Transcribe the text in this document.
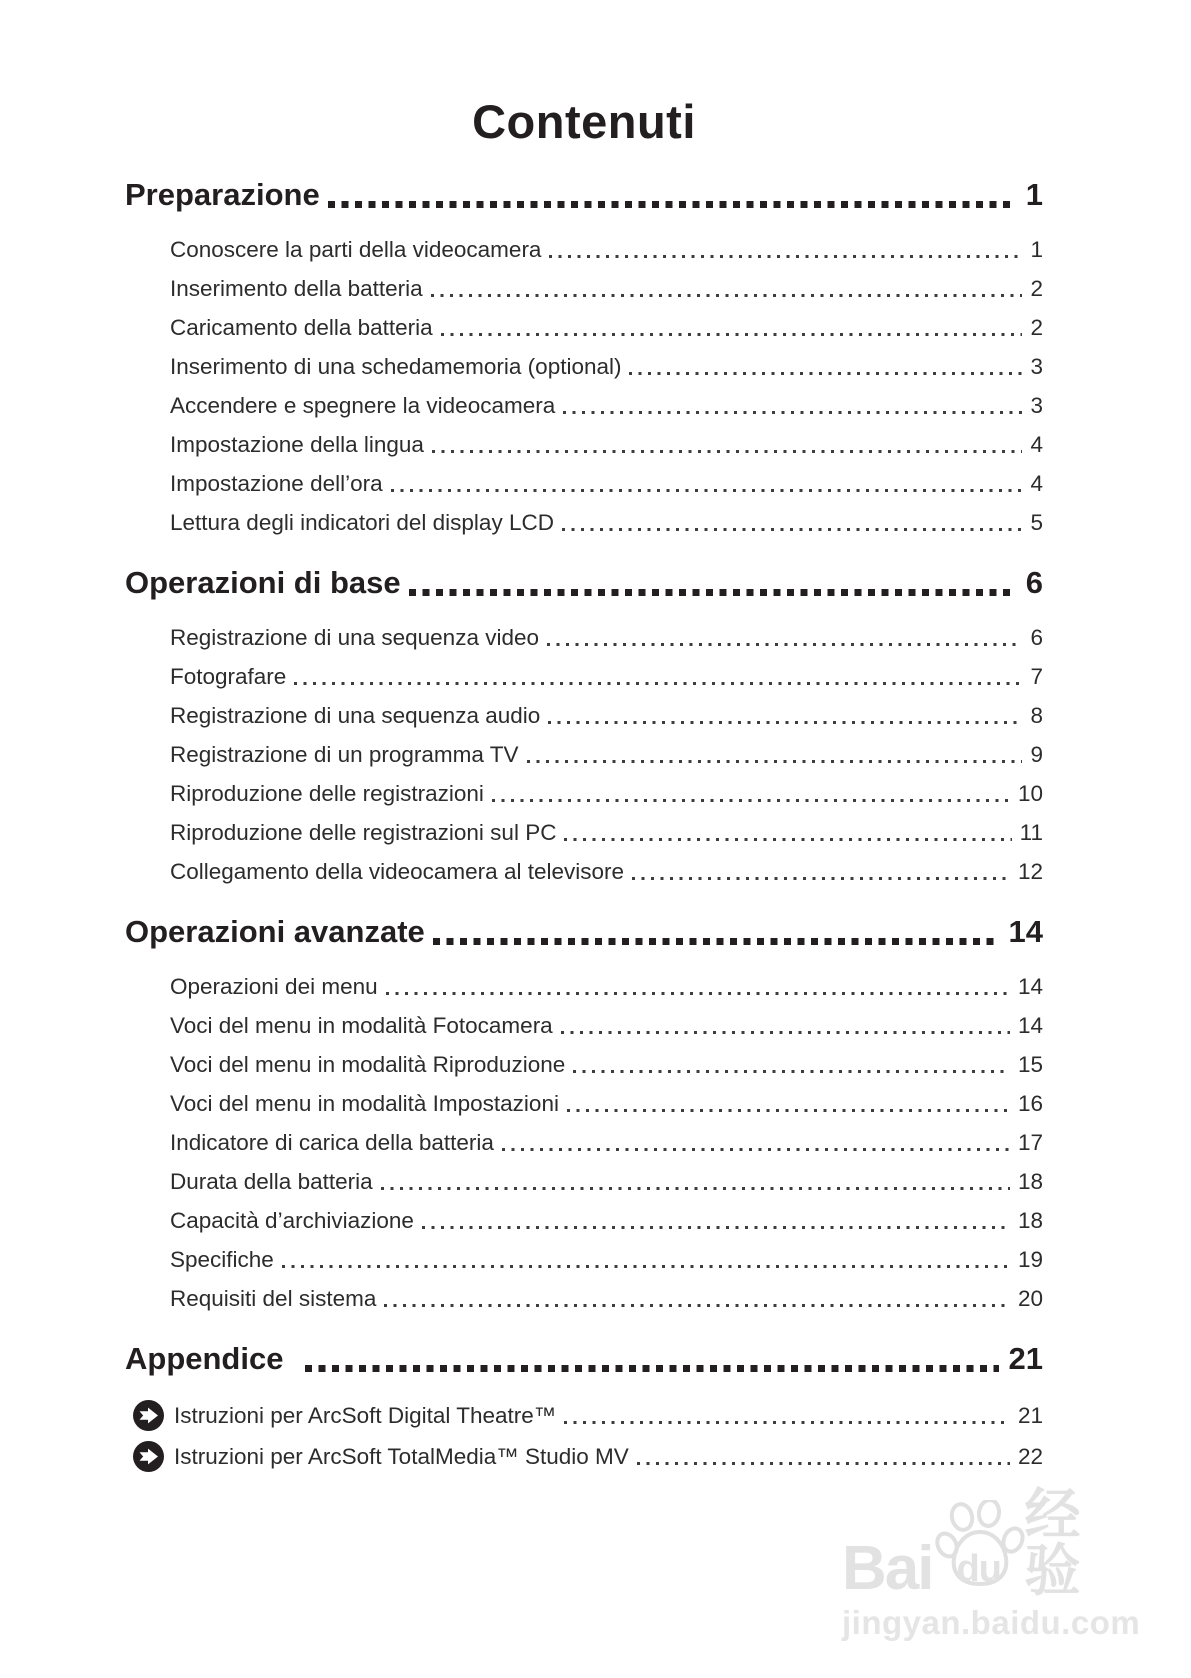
Contenuti
Preparazione	1
Conoscere la parti della videocamera	1
Inserimento della batteria	2
Caricamento della batteria	2
Inserimento di una schedamemoria (optional)	3
Accendere e spegnere la videocamera	3
Impostazione della lingua	4
Impostazione dell’ora	4
Lettura degli indicatori del display LCD	5
Operazioni di base	6
Registrazione di una sequenza video	6
Fotografare	7
Registrazione di una sequenza audio	8
Registrazione di un programma TV	9
Riproduzione delle registrazioni	10
Riproduzione delle registrazioni sul PC	11
Collegamento della videocamera al televisore	12
Operazioni avanzate	14
Operazioni dei menu	14
Voci del menu in modalità Fotocamera	14
Voci del menu in modalità Riproduzione	15
Voci del menu in modalità Impostazioni	16
Indicatore di carica della batteria	17
Durata della batteria	18
Capacità d’archiviazione	18
Specifiche	19
Requisiti del sistema	20
Appendice	21
Istruzioni per ArcSoft Digital Theatre™	21
Istruzioni per ArcSoft TotalMedia™ Studio MV	22
Bai du
经验
jingyan.baidu.com
